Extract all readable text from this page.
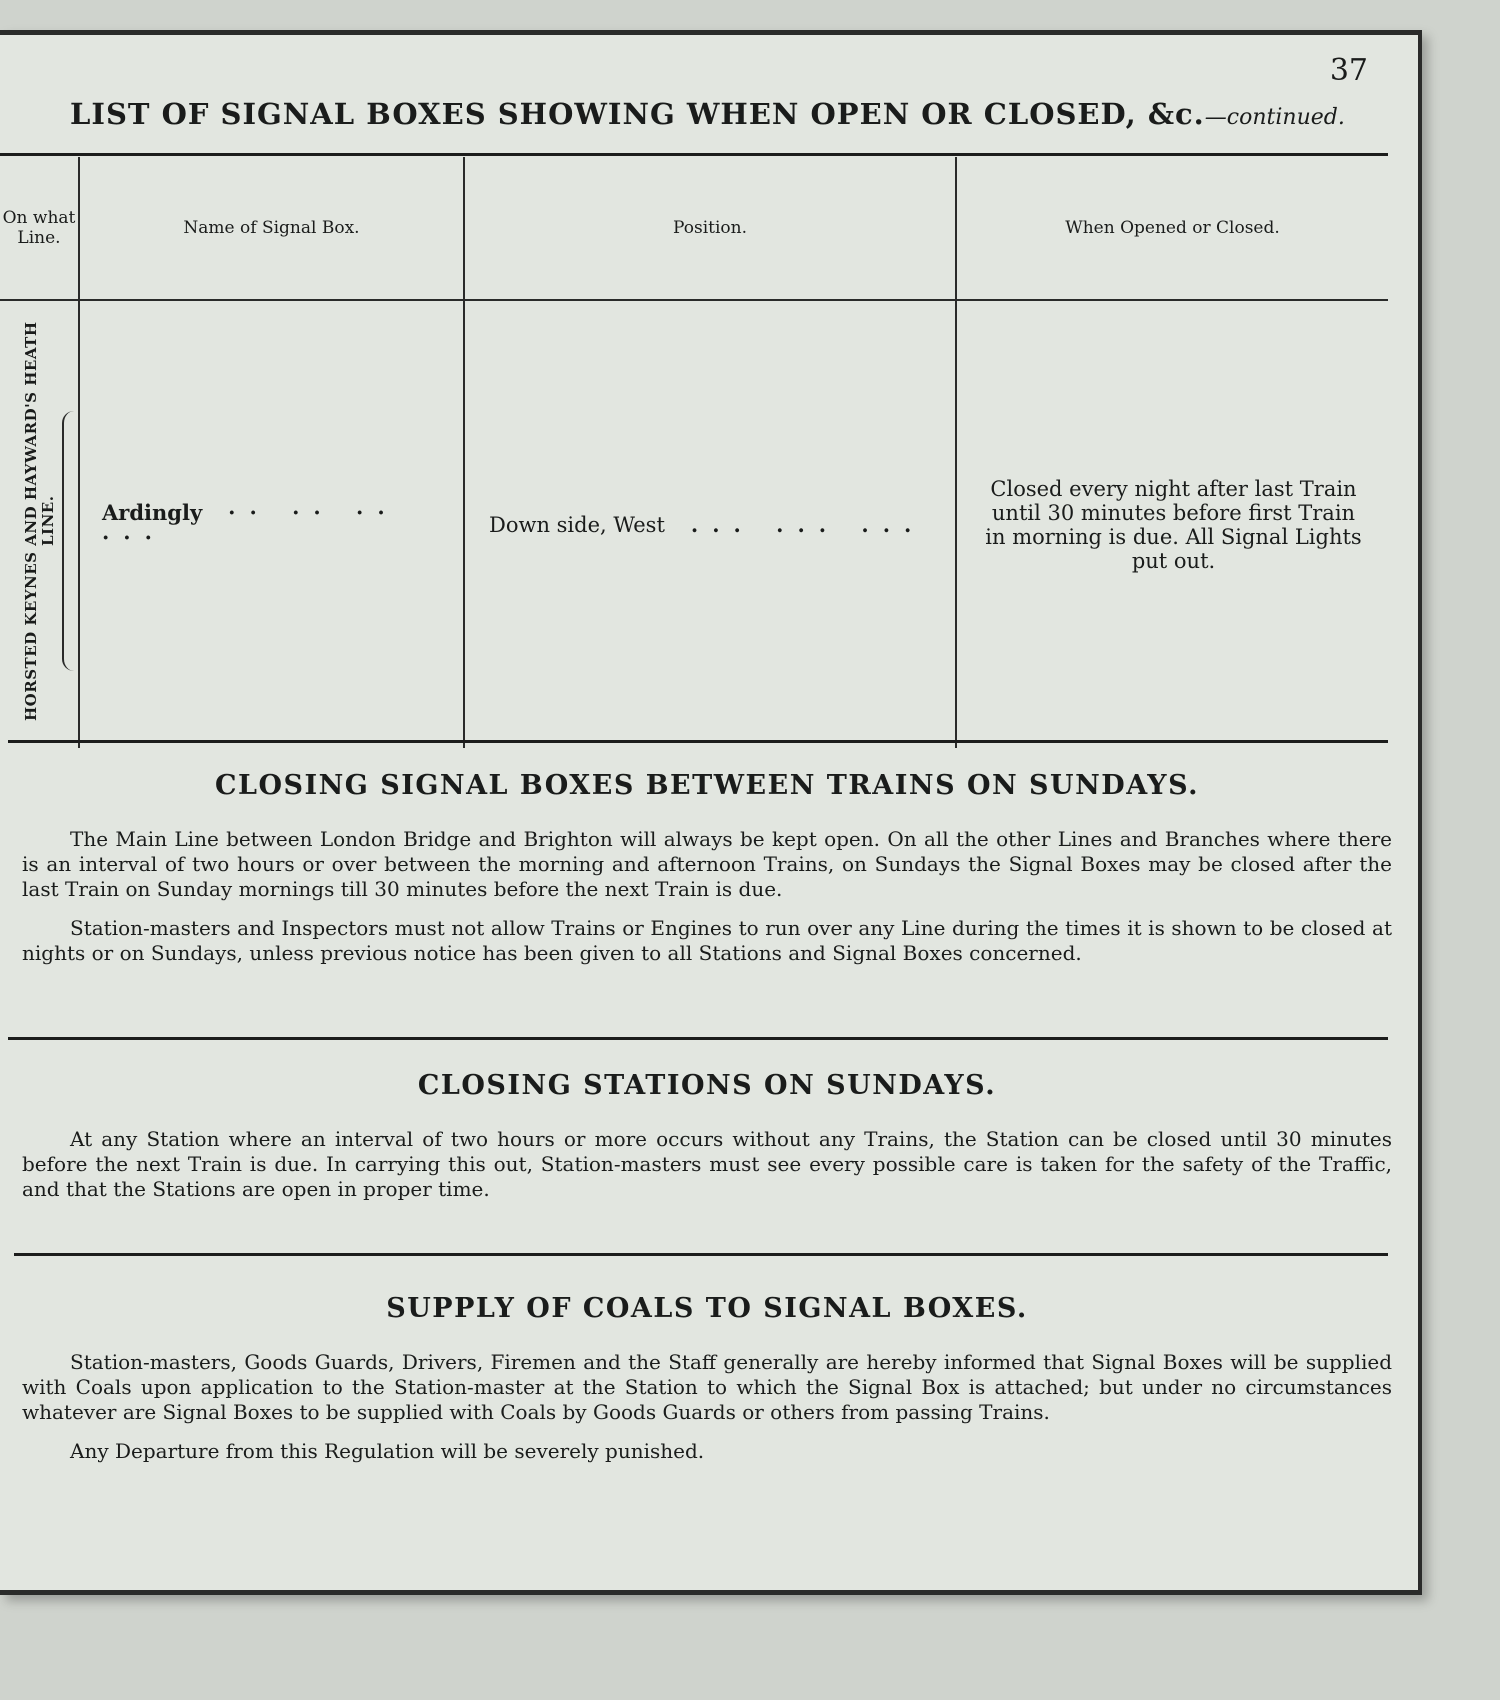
37
LIST OF SIGNAL BOXES SHOWING WHEN OPEN OR CLOSED, &c.—continued.
On what Line.	Name of Signal Box.	Position.	When Opened or Closed.

HORSTED KEYNES AND HAYWARD'S HEATH LINE.	Ardingly ·· ·· ·· ···	Down side, West ... ... ...	Closed every night after last Train until 30 minutes before first Train in morning is due. All Signal Lights put out.
CLOSING SIGNAL BOXES BETWEEN TRAINS ON SUNDAYS.

The Main Line between London Bridge and Brighton will always be kept open. On all the other Lines and Branches where there is an interval of two hours or over between the morning and afternoon Trains, on Sundays the Signal Boxes may be closed after the last Train on Sunday mornings till 30 minutes before the next Train is due.

Station-masters and Inspectors must not allow Trains or Engines to run over any Line during the times it is shown to be closed at nights or on Sundays, unless previous notice has been given to all Stations and Signal Boxes concerned.

CLOSING STATIONS ON SUNDAYS.

At any Station where an interval of two hours or more occurs without any Trains, the Station can be closed until 30 minutes before the next Train is due. In carrying this out, Station-masters must see every possible care is taken for the safety of the Traffic, and that the Stations are open in proper time.

SUPPLY OF COALS TO SIGNAL BOXES.

Station-masters, Goods Guards, Drivers, Firemen and the Staff generally are hereby informed that Signal Boxes will be supplied with Coals upon application to the Station-master at the Station to which the Signal Box is attached; but under no circumstances whatever are Signal Boxes to be supplied with Coals by Goods Guards or others from passing Trains.

Any Departure from this Regulation will be severely punished.
